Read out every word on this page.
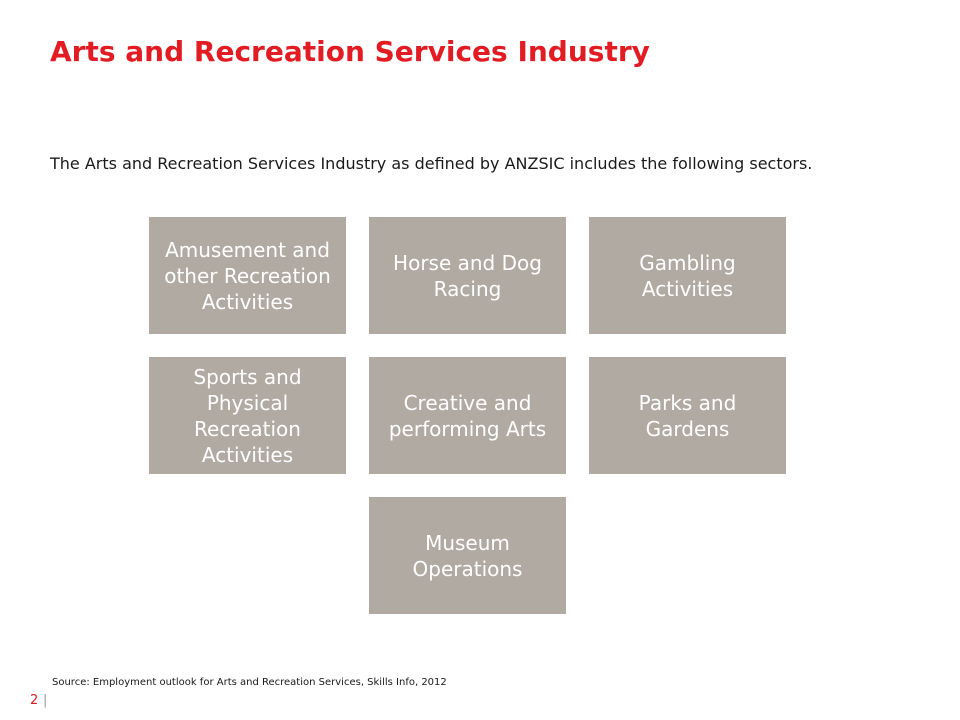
Arts and Recreation Services Industry

The Arts and Recreation Services Industry as defined by ANZSIC includes the following sectors.

Amusement and other Recreation Activities
Horse and Dog Racing
Gambling Activities
Sports and Physical Recreation Activities
Creative and performing Arts
Parks and Gardens
Museum Operations

Source: Employment outlook for Arts and Recreation Services, Skills Info, 2012

2 |
